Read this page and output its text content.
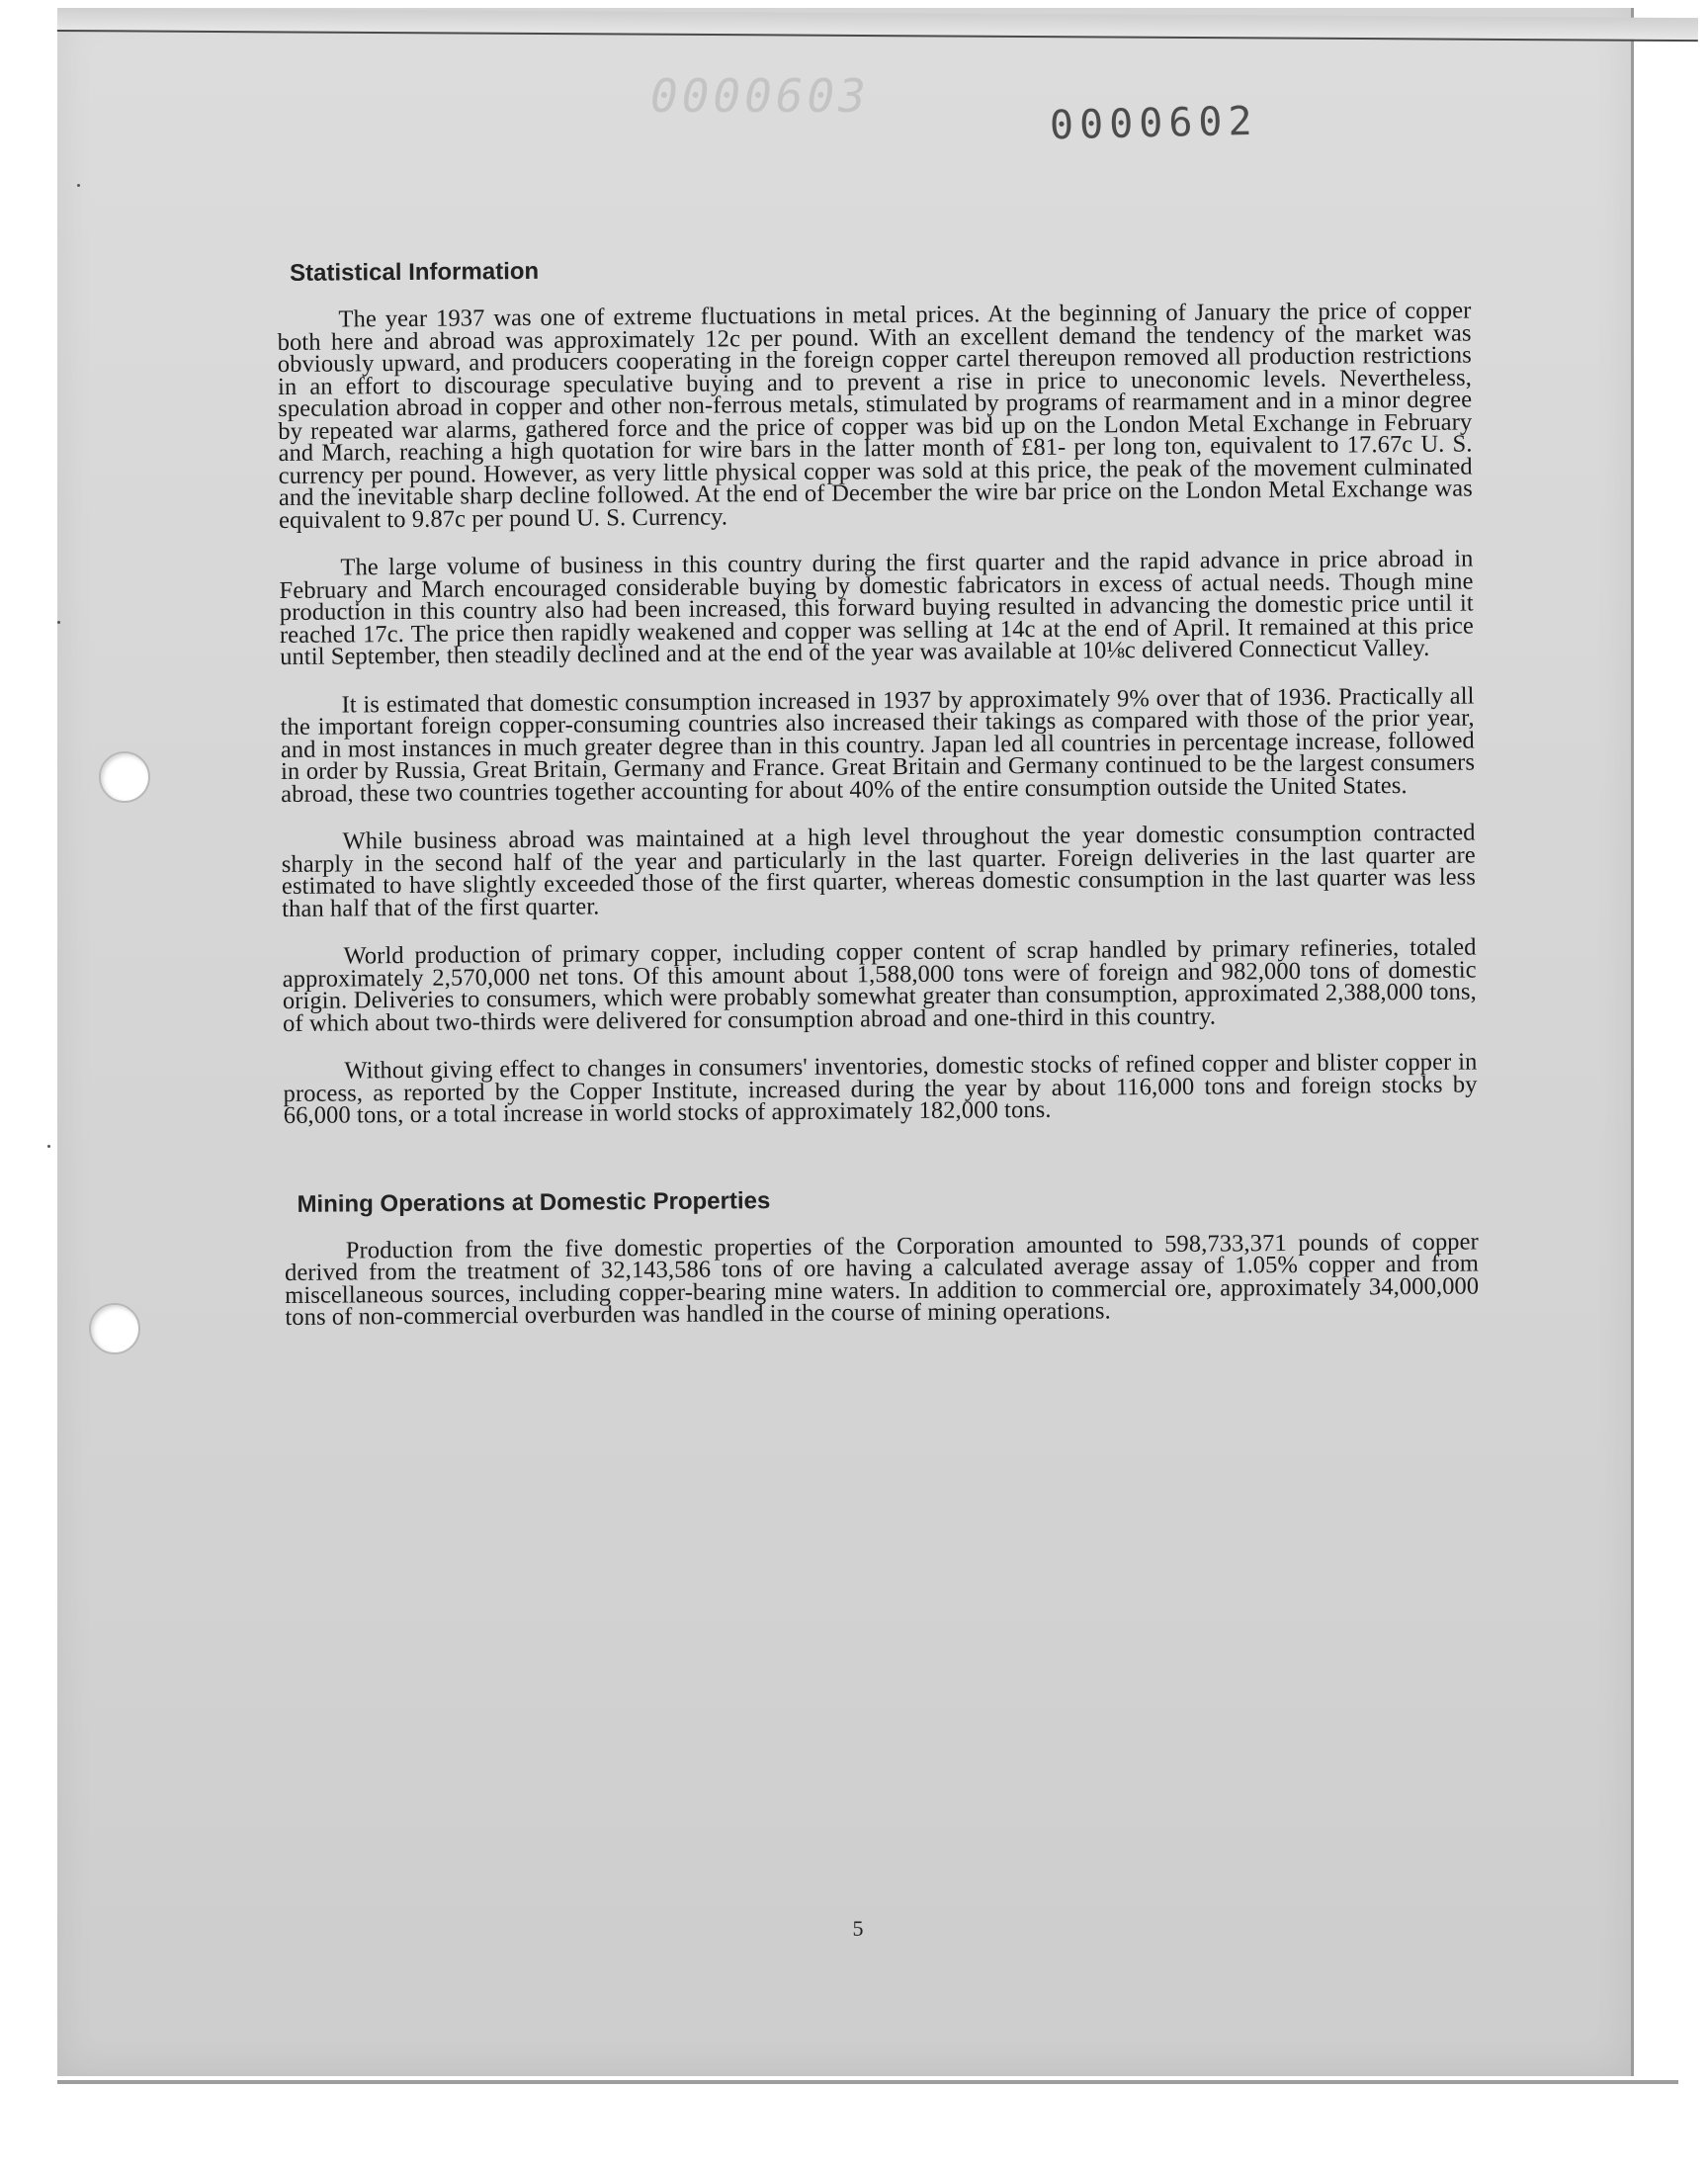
0000603
0000602
Statistical Information

The year 1937 was one of extreme fluctuations in metal prices. At the beginning of January the price of copper both here and abroad was approximately 12c per pound. With an excellent demand the tendency of the market was obviously upward, and producers cooperating in the foreign copper cartel thereupon removed all production restrictions in an effort to discourage speculative buying and to prevent a rise in price to uneconomic levels. Nevertheless, speculation abroad in copper and other non-ferrous metals, stimulated by programs of rearmament and in a minor degree by repeated war alarms, gathered force and the price of copper was bid up on the London Metal Exchange in February and March, reaching a high quotation for wire bars in the latter month of £81- per long ton, equivalent to 17.67c U. S. currency per pound. However, as very little physical copper was sold at this price, the peak of the movement culminated and the inevitable sharp decline followed. At the end of December the wire bar price on the London Metal Exchange was equivalent to 9.87c per pound U. S. Currency.

The large volume of business in this country during the first quarter and the rapid advance in price abroad in February and March encouraged considerable buying by domestic fabricators in excess of actual needs. Though mine production in this country also had been increased, this forward buying resulted in advancing the domestic price until it reached 17c. The price then rapidly weakened and copper was selling at 14c at the end of April. It remained at this price until September, then steadily declined and at the end of the year was available at 10⅛c delivered Connecticut Valley.

It is estimated that domestic consumption increased in 1937 by approximately 9% over that of 1936. Practically all the important foreign copper-consuming countries also increased their takings as compared with those of the prior year, and in most instances in much greater degree than in this country. Japan led all countries in percentage increase, followed in order by Russia, Great Britain, Germany and France. Great Britain and Germany continued to be the largest consumers abroad, these two countries together accounting for about 40% of the entire consumption outside the United States.

While business abroad was maintained at a high level throughout the year domestic consumption contracted sharply in the second half of the year and particularly in the last quarter. Foreign deliveries in the last quarter are estimated to have slightly exceeded those of the first quarter, whereas domestic consumption in the last quarter was less than half that of the first quarter.

World production of primary copper, including copper content of scrap handled by primary refineries, totaled approximately 2,570,000 net tons. Of this amount about 1,588,000 tons were of foreign and 982,000 tons of domestic origin. Deliveries to consumers, which were probably somewhat greater than consumption, approximated 2,388,000 tons, of which about two-thirds were delivered for consumption abroad and one-third in this country.

Without giving effect to changes in consumers' inventories, domestic stocks of refined copper and blister copper in process, as reported by the Copper Institute, increased during the year by about 116,000 tons and foreign stocks by 66,000 tons, or a total increase in world stocks of approximately 182,000 tons.

Mining Operations at Domestic Properties

Production from the five domestic properties of the Corporation amounted to 598,733,371 pounds of copper derived from the treatment of 32,143,586 tons of ore having a calculated average assay of 1.05% copper and from miscellaneous sources, including copper-bearing mine waters. In addition to commercial ore, approximately 34,000,000 tons of non-commercial overburden was handled in the course of mining operations.

5
